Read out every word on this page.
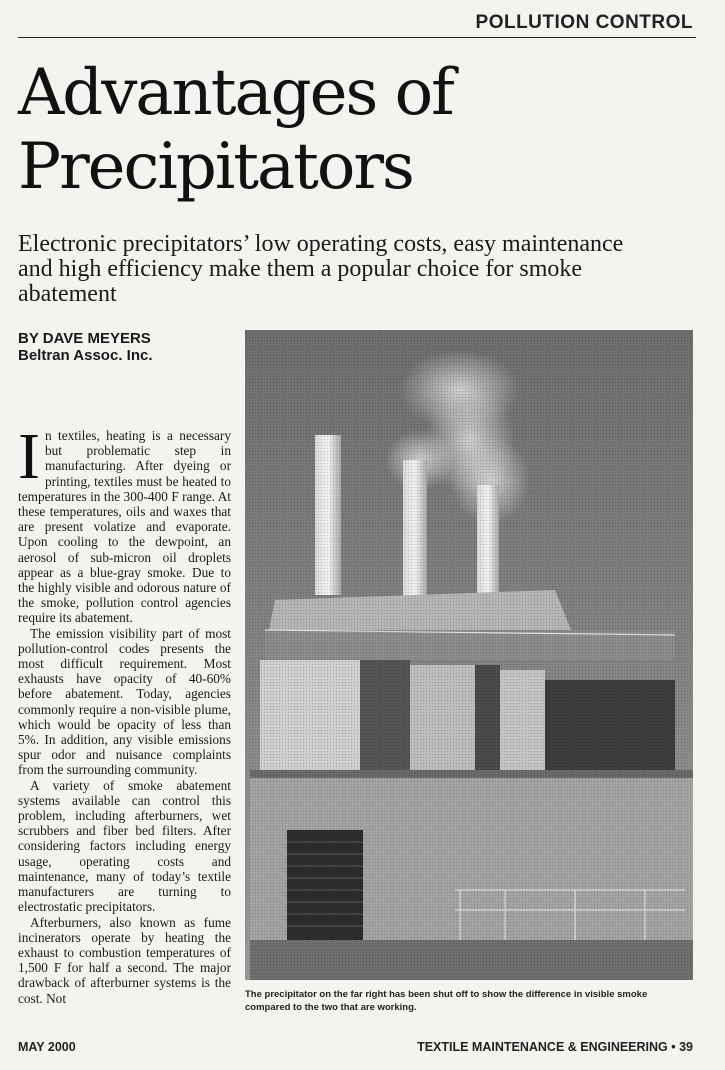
POLLUTION CONTROL
Advantages of
Precipitators

Electronic precipitators’ low operating costs, easy maintenance and high efficiency make them a popular choice for smoke abatement

BY DAVE MEYERS
Beltran Assoc. Inc.

In textiles, heating is a necessary but problematic step in manufacturing. After dyeing or printing, textiles must be heated to temperatures in the 300-400 F range. At these temperatures, oils and waxes that are present volatize and evaporate. Upon cooling to the dewpoint, an aerosol of sub-micron oil droplets appear as a blue-gray smoke. Due to the highly visible and odorous nature of the smoke, pollution control agencies require its abatement.

The emission visibility part of most pollution-control codes presents the most difficult requirement. Most exhausts have opacity of 40-60% before abatement. Today, agencies commonly require a non-visible plume, which would be opacity of less than 5%. In addition, any visible emissions spur odor and nuisance complaints from the surrounding community.

A variety of smoke abatement systems available can control this problem, including afterburners, wet scrubbers and fiber bed filters. After considering factors including energy usage, operating costs and maintenance, many of today’s textile manufacturers are turning to electrostatic precipitators.

Afterburners, also known as fume incinerators operate by heating the exhaust to combustion temperatures of 1,500 F for half a second. The major drawback of afterburner systems is the cost. Not	The precipitator on the far right has been shut off to show the difference in visible smoke compared to the two that are working.
MAY 2000	TEXTILE MAINTENANCE & ENGINEERING • 39
